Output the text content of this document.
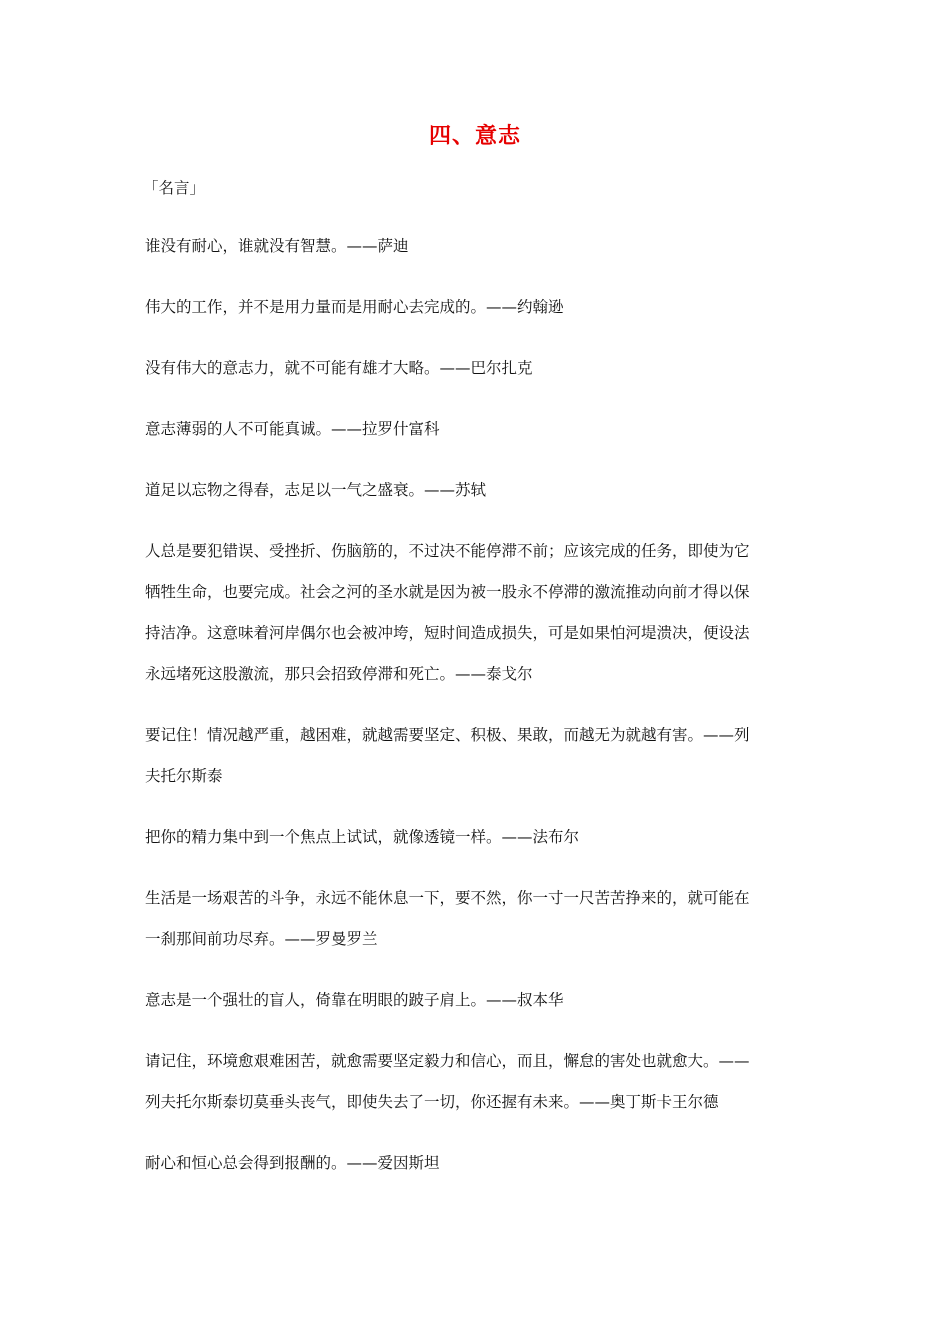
四、意志
「名言」
谁没有耐心，谁就没有智慧。——萨迪
伟大的工作，并不是用力量而是用耐心去完成的。——约翰逊
没有伟大的意志力，就不可能有雄才大略。——巴尔扎克
意志薄弱的人不可能真诚。——拉罗什富科
道足以忘物之得春，志足以一气之盛衰。——苏轼
人总是要犯错误、受挫折、伤脑筋的，不过决不能停滞不前；应该完成的任务，即使为它
牺牲生命，也要完成。社会之河的圣水就是因为被一股永不停滞的激流推动向前才得以保
持洁净。这意味着河岸偶尔也会被冲垮，短时间造成损失，可是如果怕河堤溃决，便设法
永远堵死这股激流，那只会招致停滞和死亡。——泰戈尔
要记住！情况越严重，越困难，就越需要坚定、积极、果敢，而越无为就越有害。——列
夫托尔斯泰
把你的精力集中到一个焦点上试试，就像透镜一样。——法布尔
生活是一场艰苦的斗争，永远不能休息一下，要不然，你一寸一尺苦苦挣来的，就可能在
一刹那间前功尽弃。——罗曼罗兰
意志是一个强壮的盲人，倚靠在明眼的跛子肩上。——叔本华
请记住，环境愈艰难困苦，就愈需要坚定毅力和信心，而且，懈怠的害处也就愈大。——
列夫托尔斯泰切莫垂头丧气，即使失去了一切，你还握有未来。——奥丁斯卡王尔德
耐心和恒心总会得到报酬的。——爱因斯坦
